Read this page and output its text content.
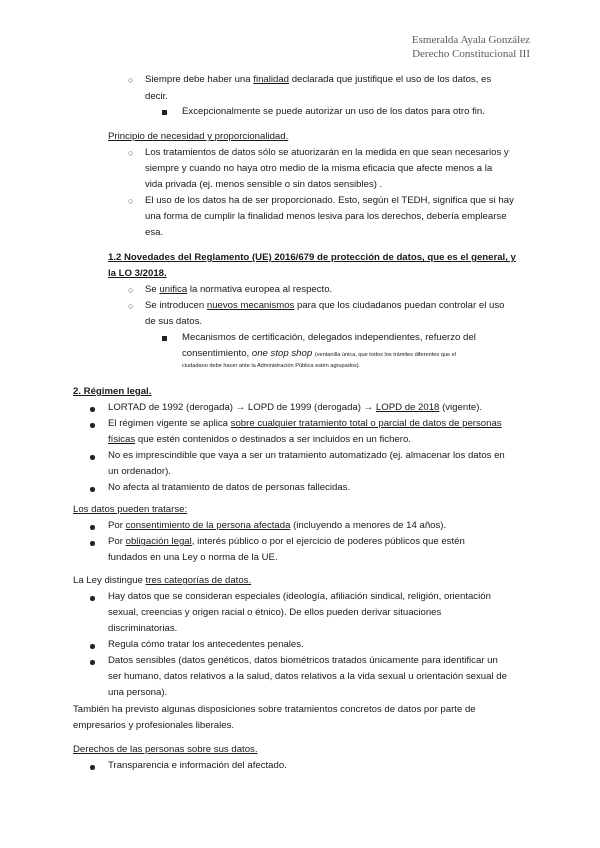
Esmeralda Ayala González
Derecho Constitucional III
○ Siempre debe haber una finalidad declarada que justifique el uso de los datos, es
decir.
Excepcionalmente se puede autorizar un uso de los datos para otro fin.
Principio de necesidad y proporcionalidad.
○ Los tratamientos de datos sólo se atuorizarán en la medida en que sean necesarios y
siempre y cuando no haya otro medio de la misma eficacia que afecte menos a la
vida privada (ej. menos sensible o sin datos sensibles) .
○ El uso de los datos ha de ser proporcionado. Esto, según el TEDH, significa que si hay
una forma de cumplir la finalidad menos lesiva para los derechos, debería emplearse
esa.
1.2 Novedades del Reglamento (UE) 2016/679 de protección de datos, que es el general, y
la LO 3/2018.
○ Se unifica la normativa europea al respecto.
○ Se introducen nuevos mecanismos para que los ciudadanos puedan controlar el uso
de sus datos.
Mecanismos de certificación, delegados independientes, refuerzo del
consentimiento, one stop shop (ventanilla única, que todos los trámites diferentes que el
ciudadano debe hacer ante la Administración Pública estén agrupados).
2. Régimen legal.
LORTAD de 1992 (derogada) → LOPD de 1999 (derogada) → LOPD de 2018 (vigente).
El régimen vigente se aplica sobre cualquier tratamiento total o parcial de datos de personas
físicas que estén contenidos o destinados a ser incluidos en un fichero.
No es imprescindible que vaya a ser un tratamiento automatizado (ej. almacenar los datos en
un ordenador).
No afecta al tratamiento de datos de personas fallecidas.
Los datos pueden tratarse:
Por consentimiento de la persona afectada (incluyendo a menores de 14 años).
Por obligación legal, interés público o por el ejercicio de poderes públicos que estén
fundados en una Ley o norma de la UE.
La Ley distingue tres categorías de datos.
Hay datos que se consideran especiales (ideología, afiliación sindical, religión, orientación
sexual, creencias y origen racial o étnico). De ellos pueden derivar situaciones
discriminatorias.
Regula cómo tratar los antecedentes penales.
Datos sensibles (datos genéticos, datos biométricos tratados únicamente para identificar un
ser humano, datos relativos a la salud, datos relativos a la vida sexual u orientación sexual de
una persona).
También ha previsto algunas disposiciones sobre tratamientos concretos de datos por parte de
empresarios y profesionales liberales.
Derechos de las personas sobre sus datos.
Transparencia e información del afectado.
